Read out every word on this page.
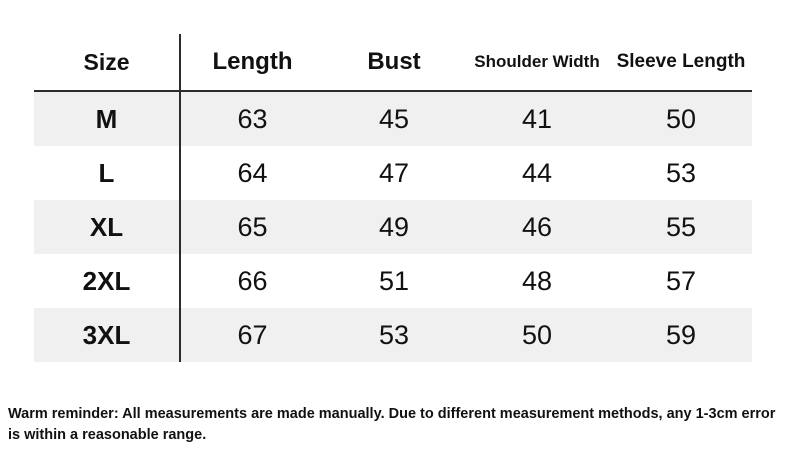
Size	Length	Bust	Shoulder Width	Sleeve Length
M	63	45	41	50
L	64	47	44	53
XL	65	49	46	55
2XL	66	51	48	57
3XL	67	53	50	59
Warm reminder: All measurements are made manually. Due to different measurement methods, any 1-3cm error is within a reasonable range.
